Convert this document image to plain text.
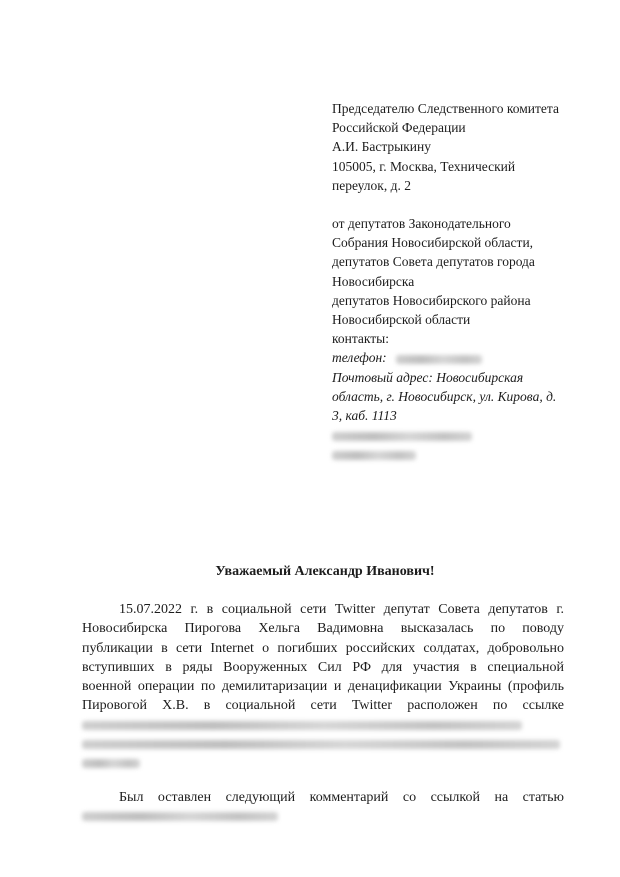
Председателю Следственного комитета
Российской Федерации
А.И. Бастрыкину
105005, г. Москва, Технический
переулок, д. 2
от депутатов Законодательного
Собрания Новосибирской области,
депутатов Совета депутатов города
Новосибирска
депутатов Новосибирского района
Новосибирской области
контакты:
телефон:
Почтовый адрес: Новосибирская
область, г. Новосибирск, ул. Кирова, д.
3, каб. 1113
Уважаемый Александр Иванович!
15.07.2022 г. в социальной сети Twitter депутат Совета депутатов г.
Новосибирска Пирогова Хельга Вадимовна высказалась по поводу
публикации в сети Internet о погибших российских солдатах, добровольно
вступивших в ряды Вооруженных Сил РФ для участия в специальной
военной операции по демилитаризации и денацификации Украины (профиль
Пировогой Х.В. в социальной сети Twitter расположен по ссылке
Был оставлен следующий комментарий со ссылкой на статью
